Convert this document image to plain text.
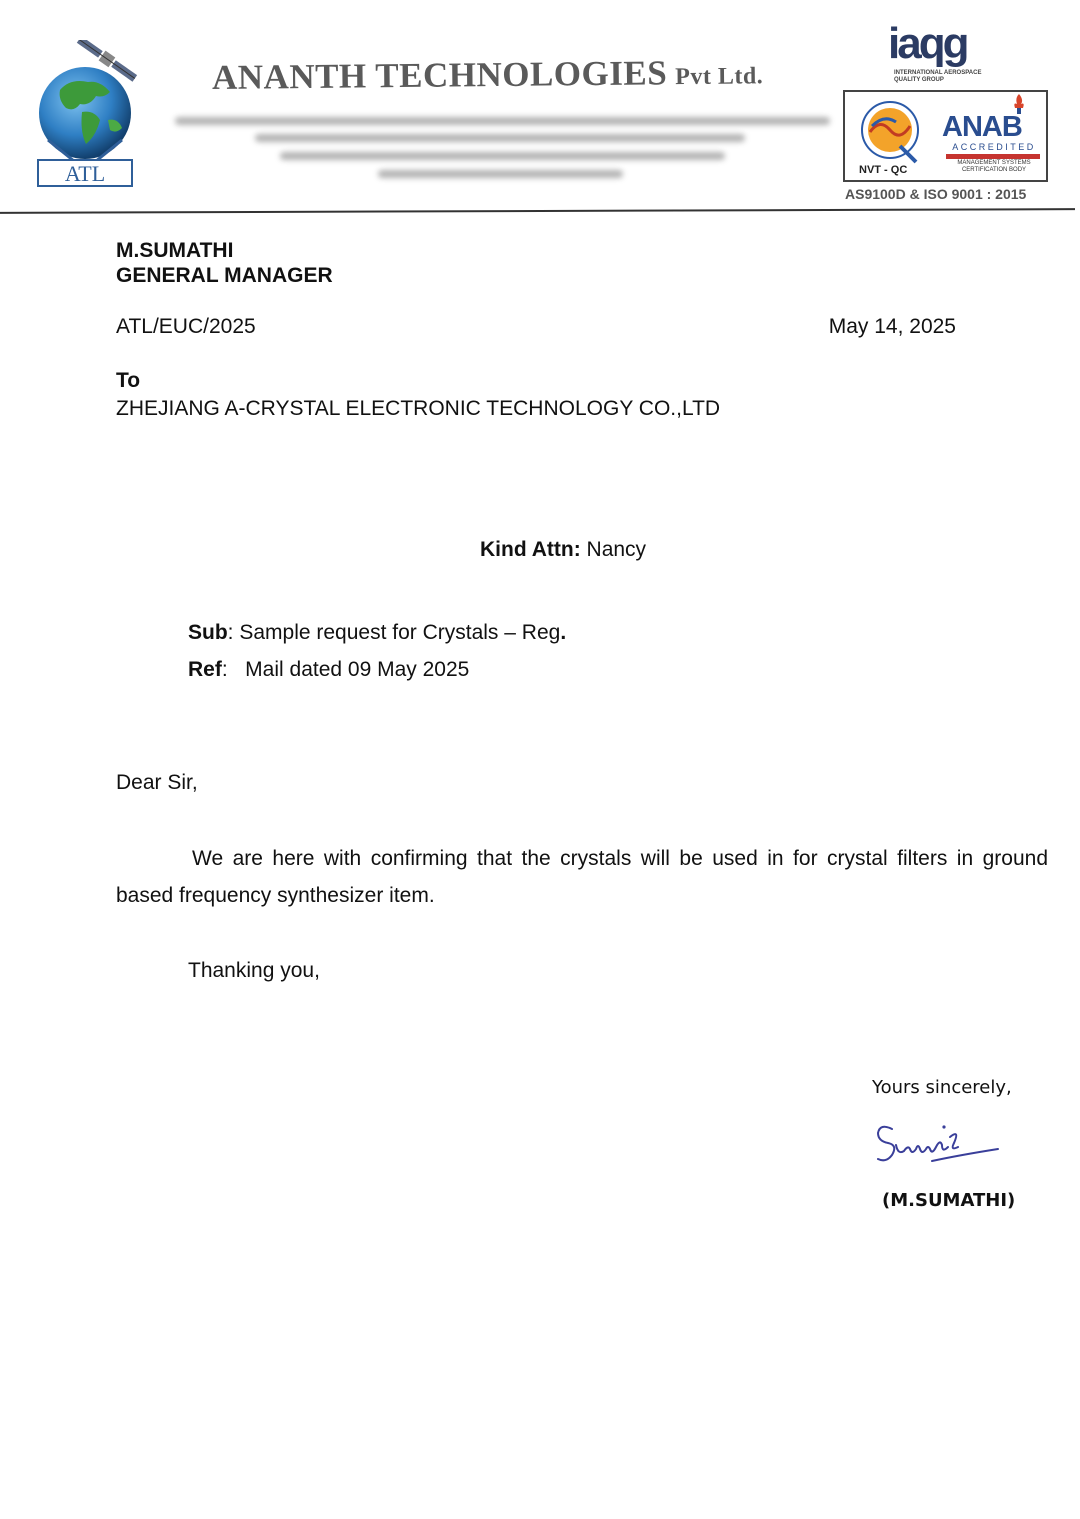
ATL
ANANTH TECHNOLOGIES Pvt Ltd.
iaqg
INTERNATIONAL AEROSPACE QUALITY GROUP
NVT - QC
ANAB
ACCREDITED
MANAGEMENT SYSTEMS CERTIFICATION BODY
AS9100D & ISO 9001 : 2015
M.SUMATHI
GENERAL MANAGER
ATL/EUC/2025	May 14, 2025
To
ZHEJIANG A-CRYSTAL ELECTRONIC TECHNOLOGY CO.,LTD
Kind Attn: Nancy
Sub: Sample request for Crystals – Reg.
Ref:   Mail dated 09 May 2025
Dear Sir,
We are here with confirming that the crystals will be used in for crystal filters in ground based frequency synthesizer item.
Thanking you,
Yours sincerely,
(M.SUMATHI)
